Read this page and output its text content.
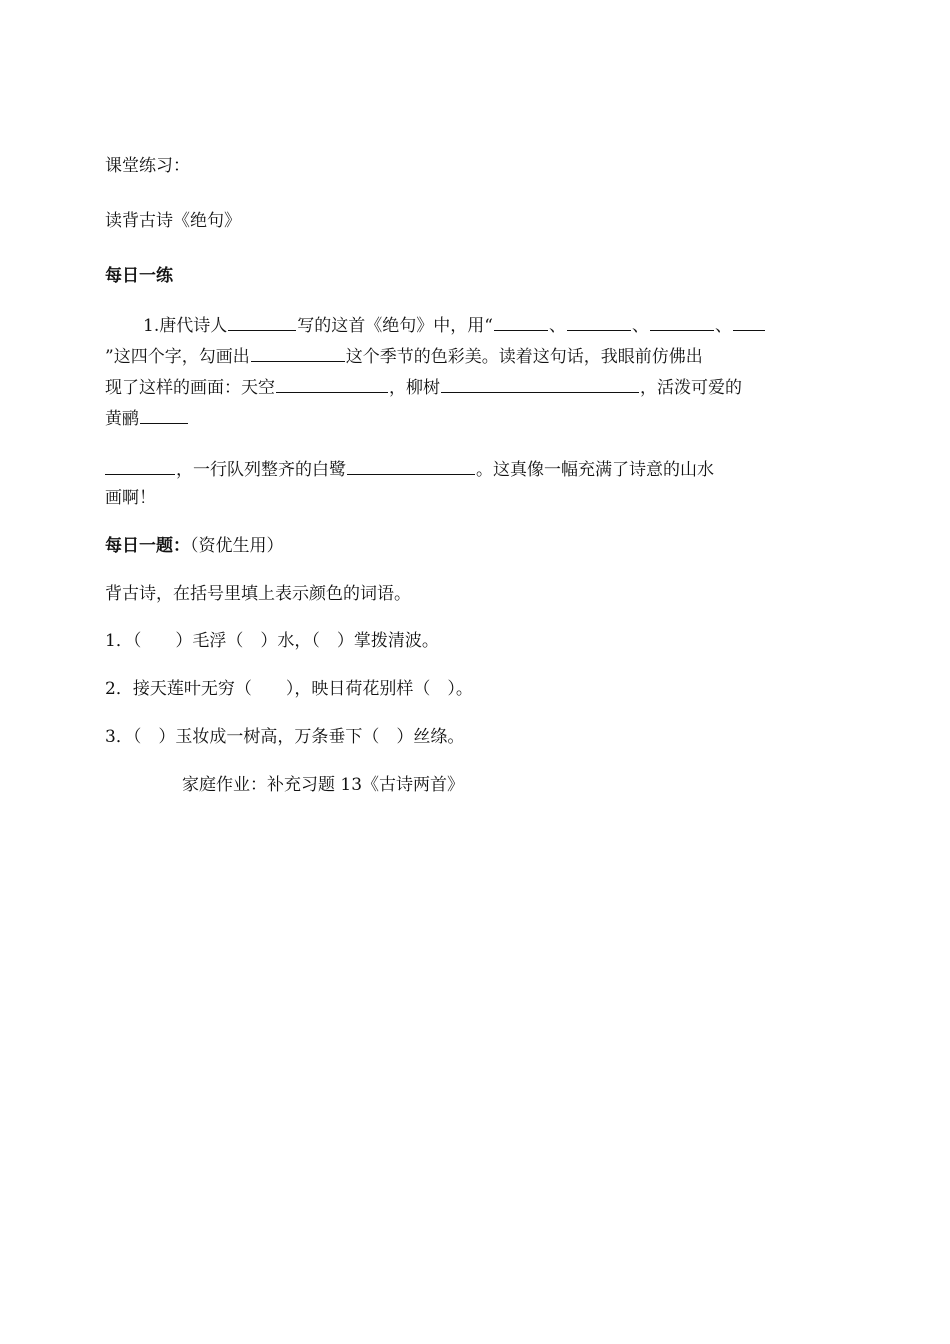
课堂练习：
读背古诗《绝句》
每日一练
1.唐代诗人	写的这首《绝句》中，用“	、	、	、
”这四个字，勾画出	这个季节的色彩美。读着这句话，我眼前仿佛出
现了这样的画面：天空	，柳树	，活泼可爱的
黄鹂
，一行队列整齐的白鹭	。这真像一幅充满了诗意的山水
画啊！
每日一题：（资优生用）
背古诗，在括号里填上表示颜色的词语。
1．（　　）毛浮（　）水，（　）掌拨清波。
2．接天莲叶无穷（　　），映日荷花别样（　）。
3．（　）玉妆成一树高，万条垂下（　）丝绦。
家庭作业：补充习题 13《古诗两首》
